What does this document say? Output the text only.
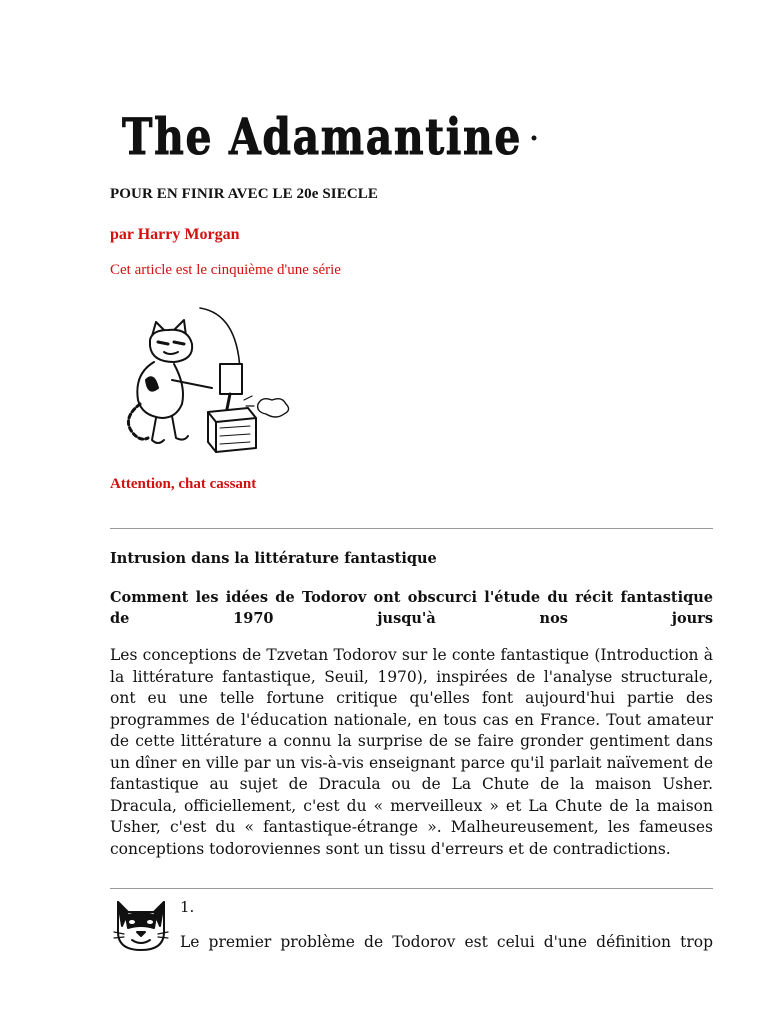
The Adamantine
POUR EN FINIR AVEC LE 20e SIECLE
par Harry Morgan
Cet article est le cinquième d'une série
Attention, chat cassant
Intrusion dans la littérature fantastique
Comment les idées de Todorov ont obscurci l'étude du récit fantastique de 1970 jusqu'à nos jours
Les conceptions de Tzvetan Todorov sur le conte fantastique (Introduction à la littérature fantastique, Seuil, 1970), inspirées de l'analyse structurale, ont eu une telle fortune critique qu'elles font aujourd'hui partie des programmes de l'éducation nationale, en tous cas en France. Tout amateur de cette littérature a connu la surprise de se faire gronder gentiment dans un dîner en ville par un vis-à-vis enseignant parce qu'il parlait naïvement de fantastique au sujet de Dracula ou de La Chute de la maison Usher. Dracula, officiellement, c'est du « merveilleux » et La Chute de la maison Usher, c'est du « fantastique-étrange ». Malheureusement, les fameuses conceptions todoroviennes sont un tissu d'erreurs et de contradictions.
1.
Le premier problème de Todorov est celui d'une définition trop
